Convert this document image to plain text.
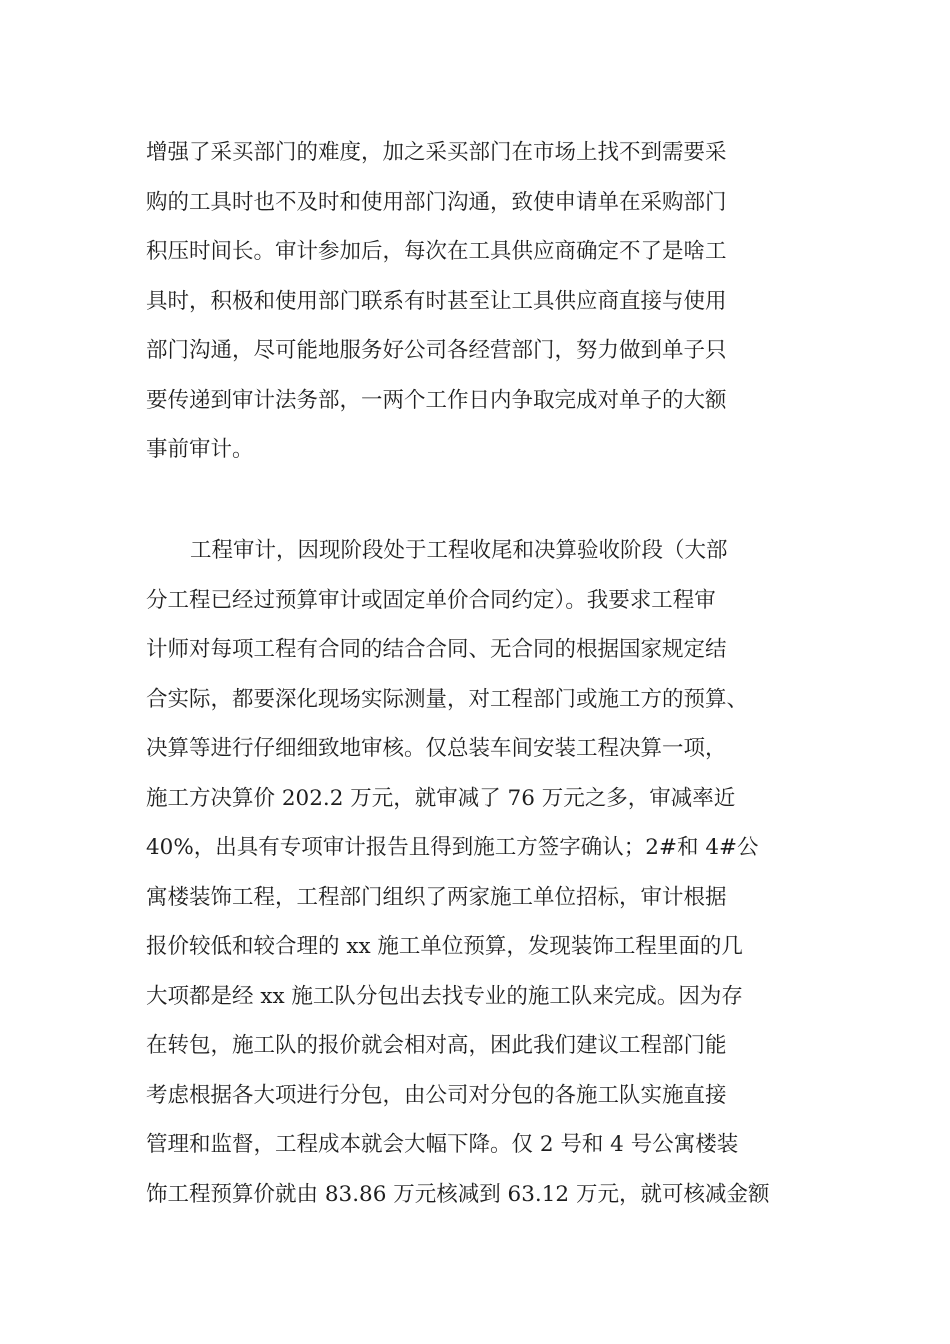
增强了采买部门的难度，加之采买部门在市场上找不到需要采
购的工具时也不及时和使用部门沟通，致使申请单在采购部门
积压时间长。审计参加后，每次在工具供应商确定不了是啥工
具时，积极和使用部门联系有时甚至让工具供应商直接与使用
部门沟通，尽可能地服务好公司各经营部门，努力做到单子只
要传递到审计法务部，一两个工作日内争取完成对单子的大额
事前审计。
工程审计，因现阶段处于工程收尾和决算验收阶段（大部
分工程已经过预算审计或固定单价合同约定）。我要求工程审
计师对每项工程有合同的结合合同、无合同的根据国家规定结
合实际，都要深化现场实际测量，对工程部门或施工方的预算、
决算等进行仔细细致地审核。仅总装车间安装工程决算一项，
施工方决算价 202.2 万元，就审减了 76 万元之多，审减率近
40%，出具有专项审计报告且得到施工方签字确认；2#和 4#公
寓楼装饰工程，工程部门组织了两家施工单位招标，审计根据
报价较低和较合理的 xx 施工单位预算，发现装饰工程里面的几
大项都是经 xx 施工队分包出去找专业的施工队来完成。因为存
在转包，施工队的报价就会相对高，困此我们建议工程部门能
考虑根据各大项进行分包，由公司对分包的各施工队实施直接
管理和监督，工程成本就会大幅下降。仅 2 号和 4 号公寓楼装
饰工程预算价就由 83.86 万元核减到 63.12 万元，就可核减金额
